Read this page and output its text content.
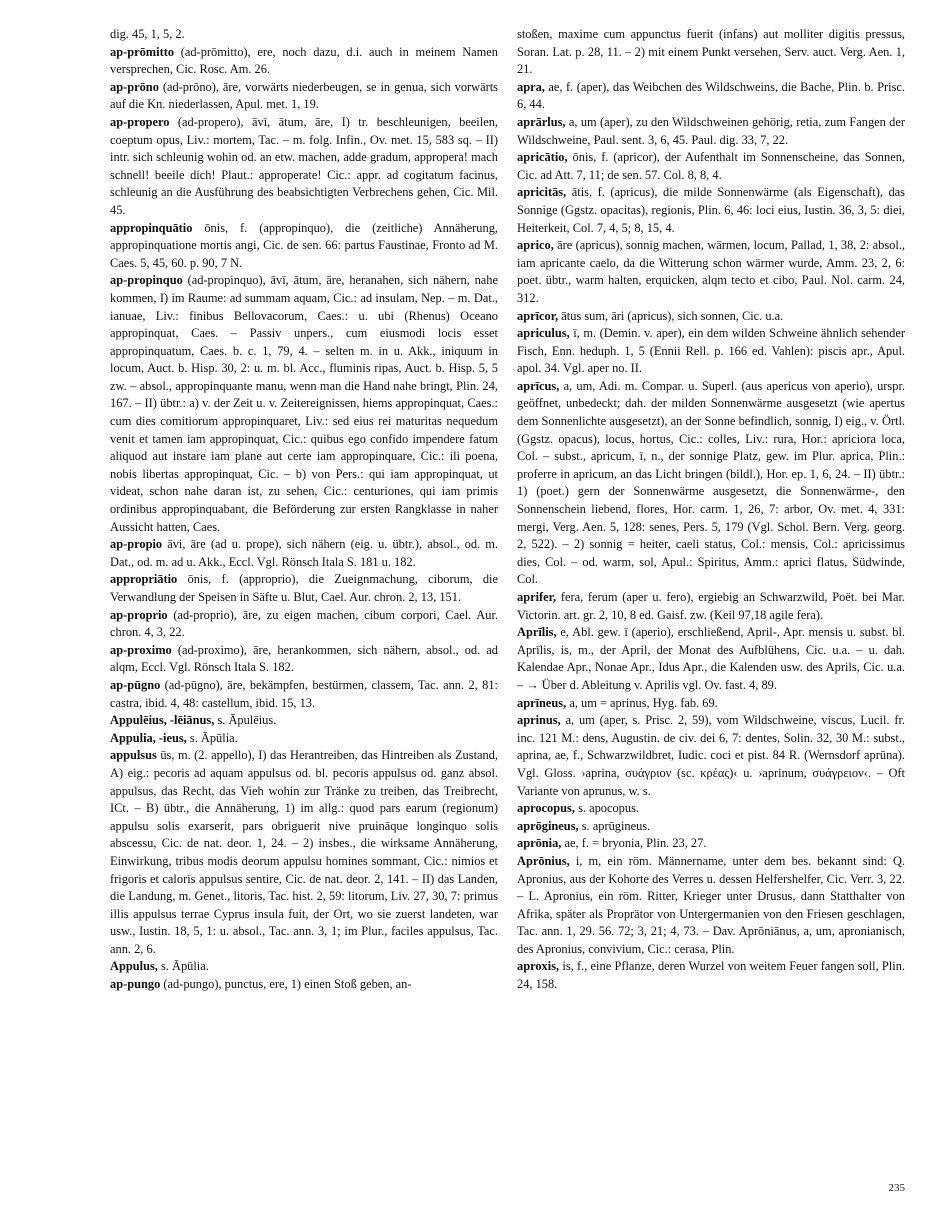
dig. 45, 1, 5, 2.

ap-prōmitto (ad-prōmitto), ere, noch dazu, d.i. auch in meinem Namen versprechen, Cic. Rosc. Am. 26.

ap-prōno (ad-prōno), āre, vorwärts niederbeugen, se in genua, sich vorwärts auf die Kn. niederlassen, Apul. met. 1, 19.

ap-propero (ad-propero), āvī, ātum, āre, I) tr. beschleunigen, beeilen, coeptum opus, Liv.: mortem, Tac. – m. folg. Infin., Ov. met. 15, 583 sq. – II) intr. sich schleunig wohin od. an etw. machen, adde gradum, appropera! mach schnell! beeile dich! Plaut.: approperate! Cic.: appr. ad cogitatum facinus, schleunig an die Ausführung des beabsichtigten Verbrechens gehen, Cic. Mil. 45.

appropinquātio ōnis, f. (appropinquo), die (zeitliche) Annäherung, appropinquatione mortis angi, Cic. de sen. 66: partus Faustinae, Fronto ad M. Caes. 5, 45, 60. p. 90, 7 N.

ap-propinquo (ad-propinquo), āvī, ātum, āre, heranahen, sich nähern, nahe kommen, I) im Raume: ad summam aquam, Cic.: ad insulam, Nep. – m. Dat., ianuae, Liv.: finibus Bellovacorum, Caes.: u. ubi (Rhenus) Oceano appropinquat, Caes. – Passiv unpers., cum eiusmodi locis esset appropinquatum, Caes. b. c. 1, 79, 4. – selten m. in u. Akk., iniquum in locum, Auct. b. Hisp. 30, 2: u. m. bl. Acc., fluminis ripas, Auct. b. Hisp. 5, 5 zw. – absol., appropinquante manu, wenn man die Hand nahe bringt, Plin. 24, 167. – II) übtr.: a) v. der Zeit u. v. Zeitereignissen, hiems appropinquat, Caes.: cum dies comitiorum appropinquaret, Liv.: sed eius rei maturitas nequedum venit et tamen iam appropinquat, Cic.: quibus ego confido impendere fatum aliquod aut instare iam plane aut certe iam appropinquare, Cic.: ili poena, nobis libertas appropinquat, Cic. – b) von Pers.: qui iam appropinquat, ut videat, schon nahe daran ist, zu sehen, Cic.: centuriones, qui iam primis ordinibus appropinquabant, die Beförderung zur ersten Rangklasse in naher Aussicht hatten, Caes.

ap-propio āvi, āre (ad u. prope), sich nähern (eig. u. übtr.), absol., od. m. Dat., od. m. ad u. Akk., Eccl. Vgl. Rönsch Itala S. 181 u. 182.

appropriātio ōnis, f. (approprio), die Zueignmachung, ciborum, die Verwandlung der Speisen in Säfte u. Blut, Cael. Aur. chron. 2, 13, 151.

ap-proprio (ad-proprio), āre, zu eigen machen, cibum corpori, Cael. Aur. chron. 4, 3, 22.

ap-proximo (ad-proximo), āre, herankommen, sich nähern, absol., od. ad alqm, Eccl. Vgl. Rönsch Itala S. 182.

ap-pūgno (ad-pūgno), āre, bekämpfen, bestürmen, classem, Tac. ann. 2, 81: castra, ibid. 4, 48: castellum, ibid. 15, 13.

Appulēius, -lēiānus, s. Āpulēius.

Appulia, -ieus, s. Āpūlia.

appulsus ūs, m. (2. appello), I) das Herantreiben, das Hintreiben als Zustand, A) eig.: pecoris ad aquam appulsus od. bl. pecoris appulsus od. ganz absol. appulsus, das Recht, das Vieh wohin zur Tränke zu treiben, das Treibrecht, ICt. – B) übtr., die Annäherung, 1) im allg.: quod pars earum (regionum) appulsu solis exarserit, pars obriguerit nive pruināque longinquo solis abscessu, Cic. de nat. deor. 1, 24. – 2) insbes., die wirksame Annäherung, Einwirkung, tribus modis deorum appulsu homines sommant, Cic.: nimios et frigoris et caloris appulsus sentire, Cic. de nat. deor. 2, 141. – II) das Landen, die Landung, m. Genet., litoris, Tac. hist. 2, 59: litorum, Liv. 27, 30, 7: primus illis appulsus terrae Cyprus insula fuit, der Ort, wo sie zuerst landeten, war usw., Iustin. 18, 5, 1: u. absol., Tac. ann. 3, 1; im Plur., faciles appulsus, Tac. ann. 2, 6.

Appulus, s. Āpūlia.

ap-pungo (ad-pungo), punctus, ere, 1) einen Stoß geben, an-

stoßen, maxime cum appunctus fuerit (infans) aut molliter digitis pressus, Soran. Lat. p. 28, 11. – 2) mit einem Punkt versehen, Serv. auct. Verg. Aen. 1, 21.

apra, ae, f. (aper), das Weibchen des Wildschweins, die Bache, Plin. b. Prisc. 6, 44.

aprārlus, a, um (aper), zu den Wildschweinen gehörig, retia, zum Fangen der Wildschweine, Paul. sent. 3, 6, 45. Paul. dig. 33, 7, 22.

apricātio, ōnis, f. (apricor), der Aufenthalt im Sonnenscheine, das Sonnen, Cic. ad Att. 7, 11; de sen. 57. Col. 8, 8, 4.

apricitās, ātis, f. (apricus), die milde Sonnenwärme (als Eigenschaft), das Sonnige (Ggstz. opacitas), regionis, Plin. 6, 46: loci eius, Iustin. 36, 3, 5: diei, Heiterkeit, Col. 7, 4, 5; 8, 15, 4.

aprico, āre (apricus), sonnig machen, wärmen, locum, Pallad, 1, 38, 2: absol., iam apricante caelo, da die Witterung schon wärmer wurde, Amm. 23, 2, 6: poet. übtr., warm halten, erquicken, alqm tecto et cibo, Paul. Nol. carm. 24, 312.

aprīcor, ātus sum, āri (apricus), sich sonnen, Cic. u.a.

apriculus, ī, m. (Demin. v. aper), ein dem wilden Schweine ähnlich sehender Fisch, Enn. heduph. 1, 5 (Ennii Rell. p. 166 ed. Vahlen): piscis apr., Apul. apol. 34. Vgl. aper no. II.

aprīcus, a, um, Adi. m. Compar. u. Superl. (aus apericus von aperio), urspr. geöffnet, unbedeckt; dah. der milden Sonnenwärme ausgesetzt (wie apertus dem Sonnenlichte ausgesetzt), an der Sonne befindlich, sonnig, I) eig., v. Örtl. (Ggstz. opacus), locus, hortus, Cic.: colles, Liv.: rura, Hor.: apriciora loca, Col. – subst., apricum, ī, n., der sonnige Platz, gew. im Plur. aprica, Plin.: proferre in apricum, an das Licht bringen (bildl.), Hor. ep. 1, 6, 24. – II) übtr.: 1) (poet.) gern der Sonnenwärme ausgesetzt, die Sonnenwärme-, den Sonnenschein liebend, flores, Hor. carm. 1, 26, 7: arbor, Ov. met. 4, 331: mergi, Verg. Aen. 5, 128: senes, Pers. 5, 179 (Vgl. Schol. Bern. Verg. georg. 2, 522). – 2) sonnig = heiter, caeli status, Col.: mensis, Col.: apricissimus dies, Col. – od. warm, sol, Apul.: Spiritus, Amm.: aprici flatus, Südwinde, Col.

aprifer, fera, ferum (aper u. fero), ergiebig an Schwarzwild, Poët. bei Mar. Victorin. art. gr. 2, 10, 8 ed. Gaisf. zw. (Keil 97,18 agile fera).

Aprīlis, e, Abl. gew. ī (aperio), erschließend, April-, Apr. mensis u. subst. bl. Aprīlis, is, m., der April, der Monat des Aufblühens, Cic. u.a. – u. dah. Kalendae Apr., Nonae Apr., Idus Apr., die Kalenden usw. des Aprils, Cic. u.a. – → Über d. Ableitung v. Aprilis vgl. Ov. fast. 4, 89.

aprīneus, a, um = aprinus, Hyg. fab. 69.

aprinus, a, um (aper, s. Prisc. 2, 59), vom Wildschweine, viscus, Lucil. fr. inc. 121 M.: dens, Augustin. de civ. dei 6, 7: dentes, Solin. 32, 30 M.: subst., aprina, ae, f., Schwarzwildbret, Iudic. coci et pist. 84 R. (Wernsdorf aprūna). Vgl. Gloss. ›aprina, συάγριον (sc. κρέας)‹ u. ›aprinum, συάγρειον‹. – Oft Variante von aprunus, w. s.

aprocopus, s. apocopus.

aprōgineus, s. aprūgineus.

aprōnia, ae, f. = bryonia, Plin. 23, 27.

Aprōnius, i, m, ein röm. Männername, unter dem bes. bekannt sind: Q. Apronius, aus der Kohorte des Verres u. dessen Helfershelfer, Cic. Verr. 3, 22. – L. Apronius, ein röm. Ritter, Krieger unter Drusus, dann Statthalter von Afrika, später als Proprätor von Untergermanien von den Friesen geschlagen, Tac. ann. 1, 29. 56. 72; 3, 21; 4, 73. – Dav. Aprōniānus, a, um, apronianisch, des Apronius, convivium, Cic.: cerasa, Plin.

aproxis, is, f., eine Pflanze, deren Wurzel von weitem Feuer fangen soll, Plin. 24, 158.

235
